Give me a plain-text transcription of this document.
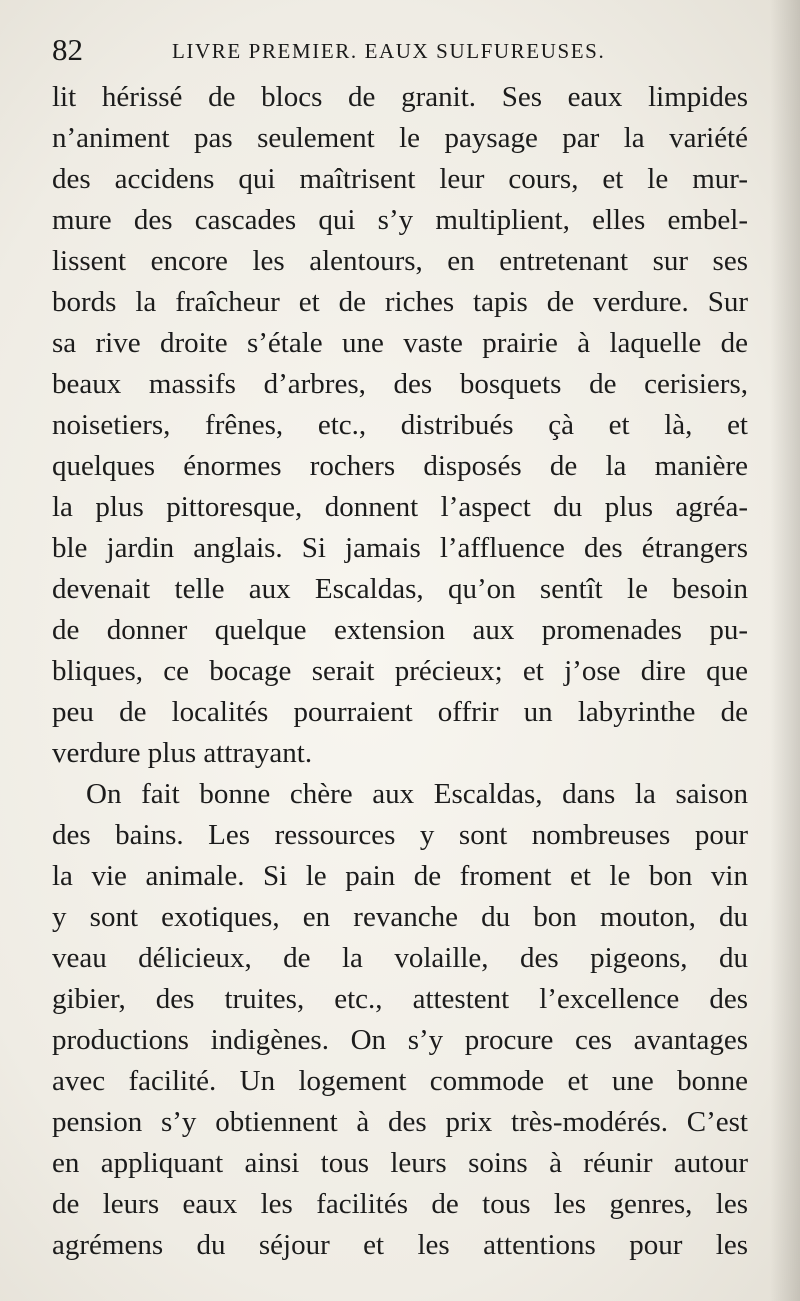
82	LIVRE PREMIER. EAUX SULFUREUSES.
lit hérissé de blocs de granit. Ses eaux limpides
n’animent pas seulement le paysage par la variété
des accidens qui maîtrisent leur cours, et le mur-
mure des cascades qui s’y multiplient, elles embel-
lissent encore les alentours, en entretenant sur ses
bords la fraîcheur et de riches tapis de verdure. Sur
sa rive droite s’étale une vaste prairie à laquelle de
beaux massifs d’arbres, des bosquets de cerisiers,
noisetiers, frênes, etc., distribués çà et là, et
quelques énormes rochers disposés de la manière
la plus pittoresque, donnent l’aspect du plus agréa-
ble jardin anglais. Si jamais l’affluence des étrangers
devenait telle aux Escaldas, qu’on sentît le besoin
de donner quelque extension aux promenades pu-
bliques, ce bocage serait précieux; et j’ose dire que
peu de localités pourraient offrir un labyrinthe de
verdure plus attrayant.
On fait bonne chère aux Escaldas, dans la saison
des bains. Les ressources y sont nombreuses pour
la vie animale. Si le pain de froment et le bon vin
y sont exotiques, en revanche du bon mouton, du
veau délicieux, de la volaille, des pigeons, du
gibier, des truites, etc., attestent l’excellence des
productions indigènes. On s’y procure ces avantages
avec facilité. Un logement commode et une bonne
pension s’y obtiennent à des prix très-modérés. C’est
en appliquant ainsi tous leurs soins à réunir autour
de leurs eaux les facilités de tous les genres, les
agrémens du séjour et les attentions pour les
